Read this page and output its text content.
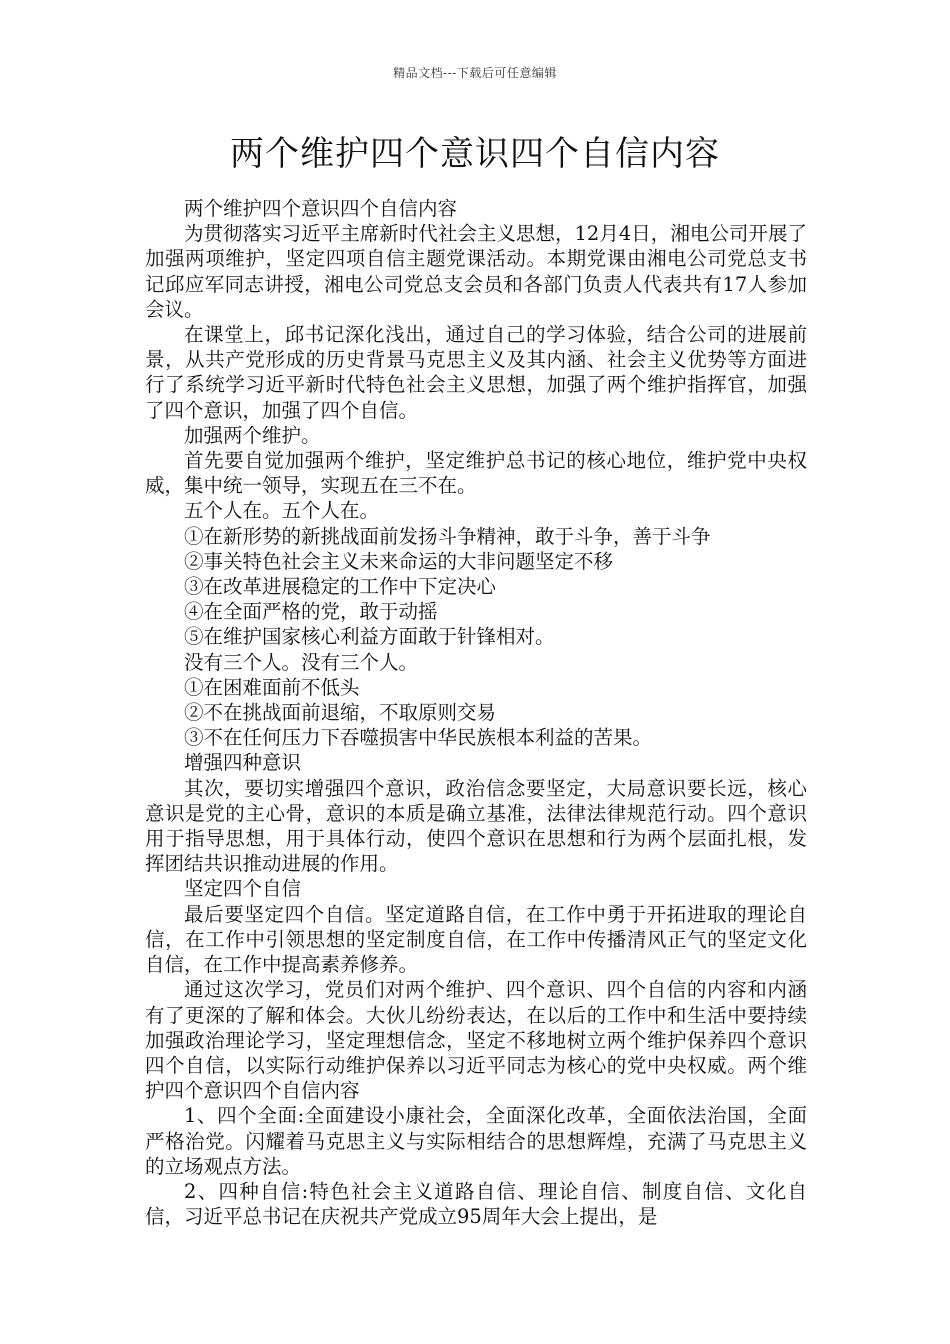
精品文档---下载后可任意编辑
两个维护四个意识四个自信内容

两个维护四个意识四个自信内容

为贯彻落实习近平主席新时代社会主义思想，12月4日，湘电公司开展了加强两项维护，坚定四项自信主题党课活动。本期党课由湘电公司党总支书记邱应军同志讲授，湘电公司党总支会员和各部门负责人代表共有17人参加会议。

在课堂上，邱书记深化浅出，通过自己的学习体验，结合公司的进展前景，从共产党形成的历史背景马克思主义及其内涵、社会主义优势等方面进行了系统学习近平新时代特色社会主义思想，加强了两个维护指挥官，加强了四个意识，加强了四个自信。

加强两个维护。

首先要自觉加强两个维护，坚定维护总书记的核心地位，维护党中央权威，集中统一领导，实现五在三不在。

五个人在。五个人在。

①在新形势的新挑战面前发扬斗争精神，敢于斗争，善于斗争

②事关特色社会主义未来命运的大非问题坚定不移

③在改革进展稳定的工作中下定决心

④在全面严格的党，敢于动摇

⑤在维护国家核心利益方面敢于针锋相对。

没有三个人。没有三个人。

①在困难面前不低头

②不在挑战面前退缩，不取原则交易

③不在任何压力下吞噬损害中华民族根本利益的苦果。

增强四种意识

其次，要切实增强四个意识，政治信念要坚定，大局意识要长远，核心意识是党的主心骨，意识的本质是确立基准，法律法律规范行动。四个意识用于指导思想，用于具体行动，使四个意识在思想和行为两个层面扎根，发挥团结共识推动进展的作用。

坚定四个自信

最后要坚定四个自信。坚定道路自信，在工作中勇于开拓进取的理论自信，在工作中引领思想的坚定制度自信，在工作中传播清风正气的坚定文化自信，在工作中提高素养修养。

通过这次学习，党员们对两个维护、四个意识、四个自信的内容和内涵有了更深的了解和体会。大伙儿纷纷表达，在以后的工作中和生活中要持续加强政治理论学习，坚定理想信念，坚定不移地树立两个维护保养四个意识四个自信，以实际行动维护保养以习近平同志为核心的党中央权威。两个维护四个意识四个自信内容

1、四个全面:全面建设小康社会，全面深化改革，全面依法治国，全面严格治党。闪耀着马克思主义与实际相结合的思想辉煌，充满了马克思主义的立场观点方法。

2、四种自信:特色社会主义道路自信、理论自信、制度自信、文化自信，习近平总书记在庆祝共产党成立95周年大会上提出，是
